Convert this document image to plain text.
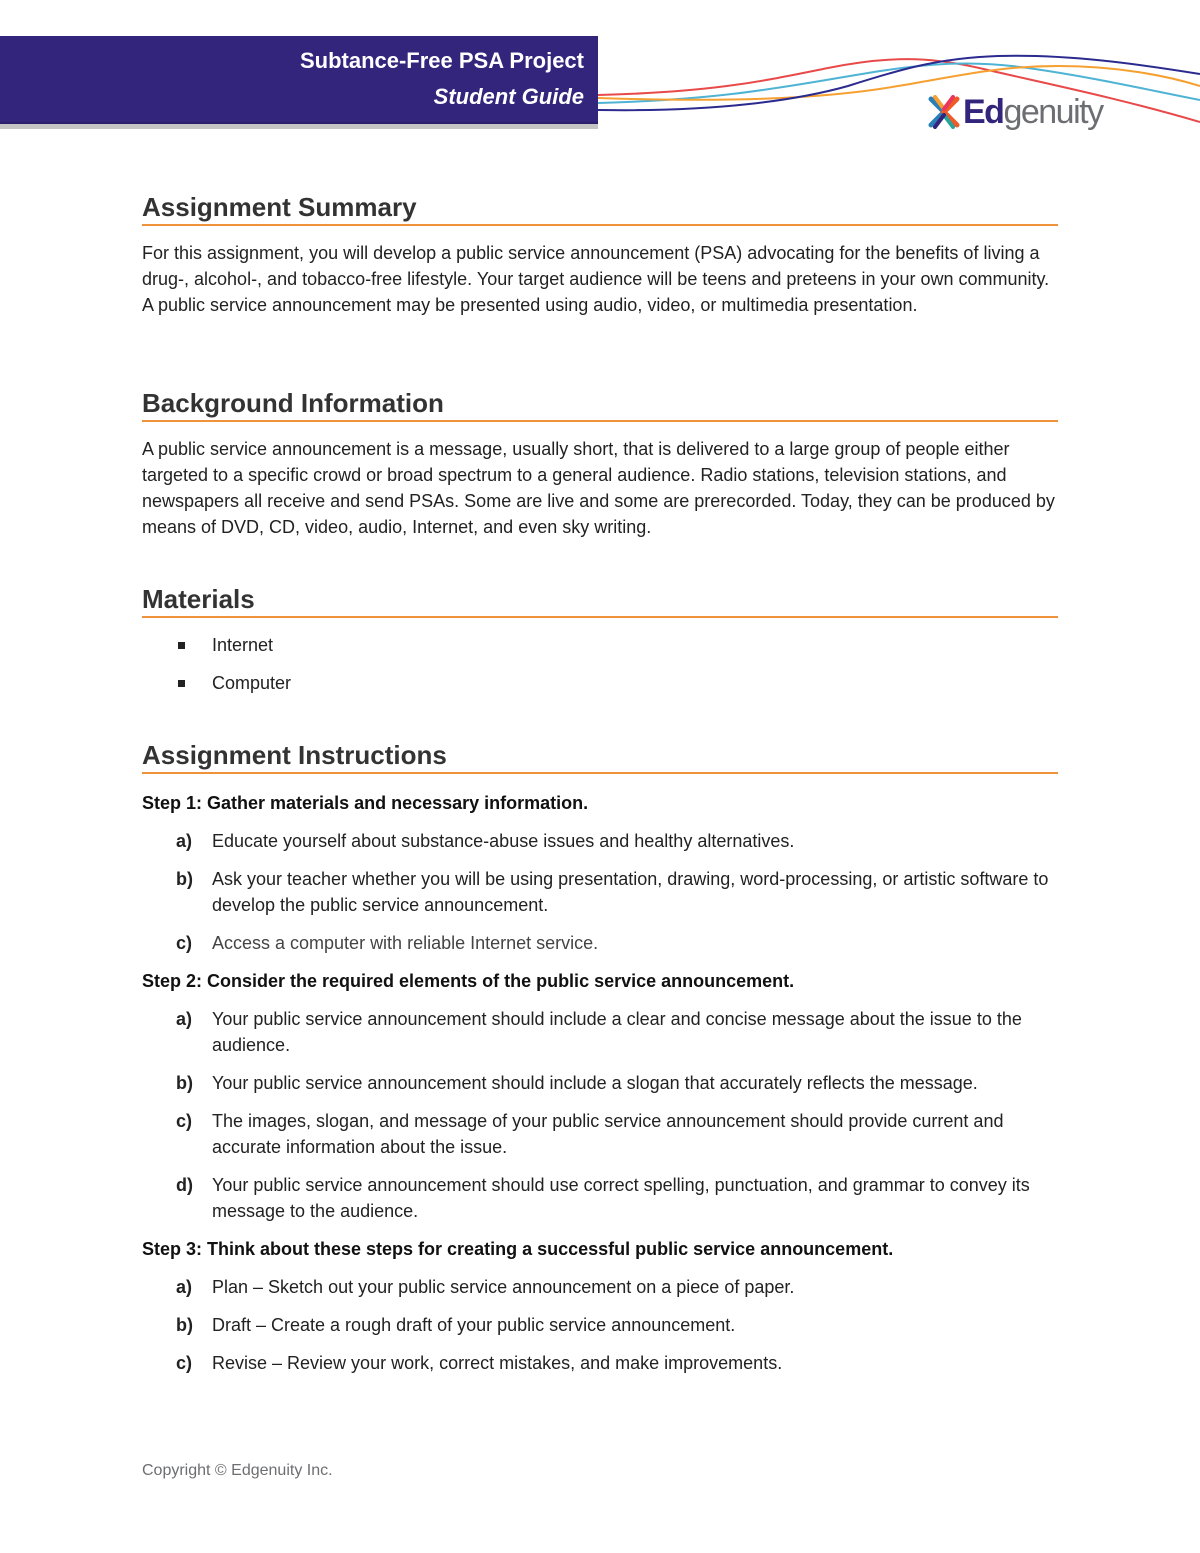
Subtance-Free PSA Project
Student Guide	Edgenuity
Assignment Summary

For this assignment, you will develop a public service announcement (PSA) advocating for the benefits of living a drug-, alcohol-, and tobacco-free lifestyle. Your target audience will be teens and preteens in your own community. A public service announcement may be presented using audio, video, or multimedia presentation.

Background Information

A public service announcement is a message, usually short, that is delivered to a large group of people either targeted to a specific crowd or broad spectrum to a general audience. Radio stations, television stations, and newspapers all receive and send PSAs. Some are live and some are prerecorded. Today, they can be produced by means of DVD, CD, video, audio, Internet, and even sky writing.

Materials
Internet
Computer
Assignment Instructions

Step 1: Gather materials and necessary information.

a) Educate yourself about substance-abuse issues and healthy alternatives.
b) Ask your teacher whether you will be using presentation, drawing, word-processing, or artistic software to develop the public service announcement.
c) Access a computer with reliable Internet service.

Step 2: Consider the required elements of the public service announcement.

a) Your public service announcement should include a clear and concise message about the issue to the audience.
b) Your public service announcement should include a slogan that accurately reflects the message.
c) The images, slogan, and message of your public service announcement should provide current and accurate information about the issue.
d) Your public service announcement should use correct spelling, punctuation, and grammar to convey its message to the audience.

Step 3: Think about these steps for creating a successful public service announcement.

a) Plan – Sketch out your public service announcement on a piece of paper.
b) Draft – Create a rough draft of your public service announcement.
c) Revise – Review your work, correct mistakes, and make improvements.
Copyright © Edgenuity Inc.
